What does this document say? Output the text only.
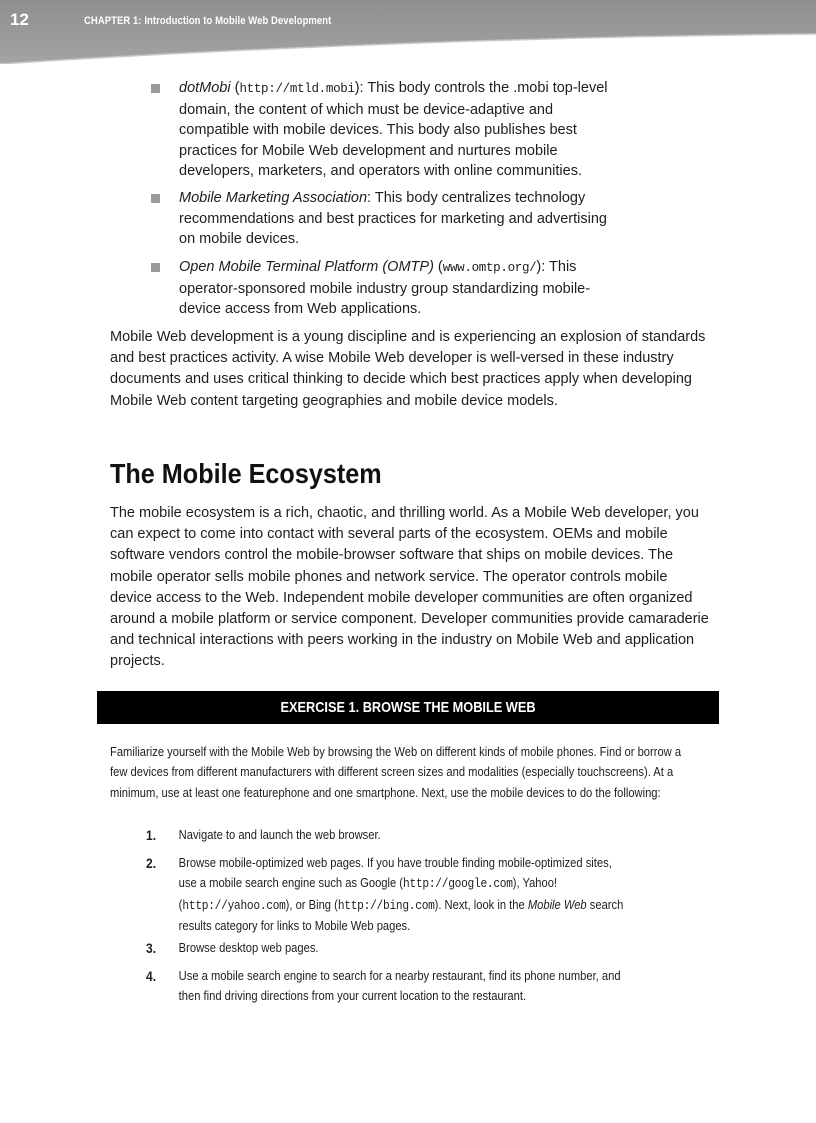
12	CHAPTER 1: Introduction to Mobile Web Development
dotMobi (http://mtld.mobi): This body controls the .mobi top-level domain, the content of which must be device-adaptive and compatible with mobile devices. This body also publishes best practices for Mobile Web development and nurtures mobile developers, marketers, and operators with online communities.
Mobile Marketing Association: This body centralizes technology recommendations and best practices for marketing and advertising on mobile devices.
Open Mobile Terminal Platform (OMTP) (www.omtp.org/): This operator-sponsored mobile industry group standardizing mobile-device access from Web applications.
Mobile Web development is a young discipline and is experiencing an explosion of standards and best practices activity. A wise Mobile Web developer is well-versed in these industry documents and uses critical thinking to decide which best practices apply when developing Mobile Web content targeting geographies and mobile device models.
The Mobile Ecosystem
The mobile ecosystem is a rich, chaotic, and thrilling world. As a Mobile Web developer, you can expect to come into contact with several parts of the ecosystem. OEMs and mobile software vendors control the mobile-browser software that ships on mobile devices. The mobile operator sells mobile phones and network service. The operator controls mobile device access to the Web. Independent mobile developer communities are often organized around a mobile platform or service component. Developer communities provide camaraderie and technical interactions with peers working in the industry on Mobile Web and application projects.
EXERCISE 1. BROWSE THE MOBILE WEB
Familiarize yourself with the Mobile Web by browsing the Web on different kinds of mobile phones. Find or borrow a few devices from different manufacturers with different screen sizes and modalities (especially touchscreens). At a minimum, use at least one featurephone and one smartphone. Next, use the mobile devices to do the following:
1. Navigate to and launch the web browser.
2. Browse mobile-optimized web pages. If you have trouble finding mobile-optimized sites, use a mobile search engine such as Google (http://google.com), Yahoo! (http://yahoo.com), or Bing (http://bing.com). Next, look in the Mobile Web search results category for links to Mobile Web pages.
3. Browse desktop web pages.
4. Use a mobile search engine to search for a nearby restaurant, find its phone number, and then find driving directions from your current location to the restaurant.
